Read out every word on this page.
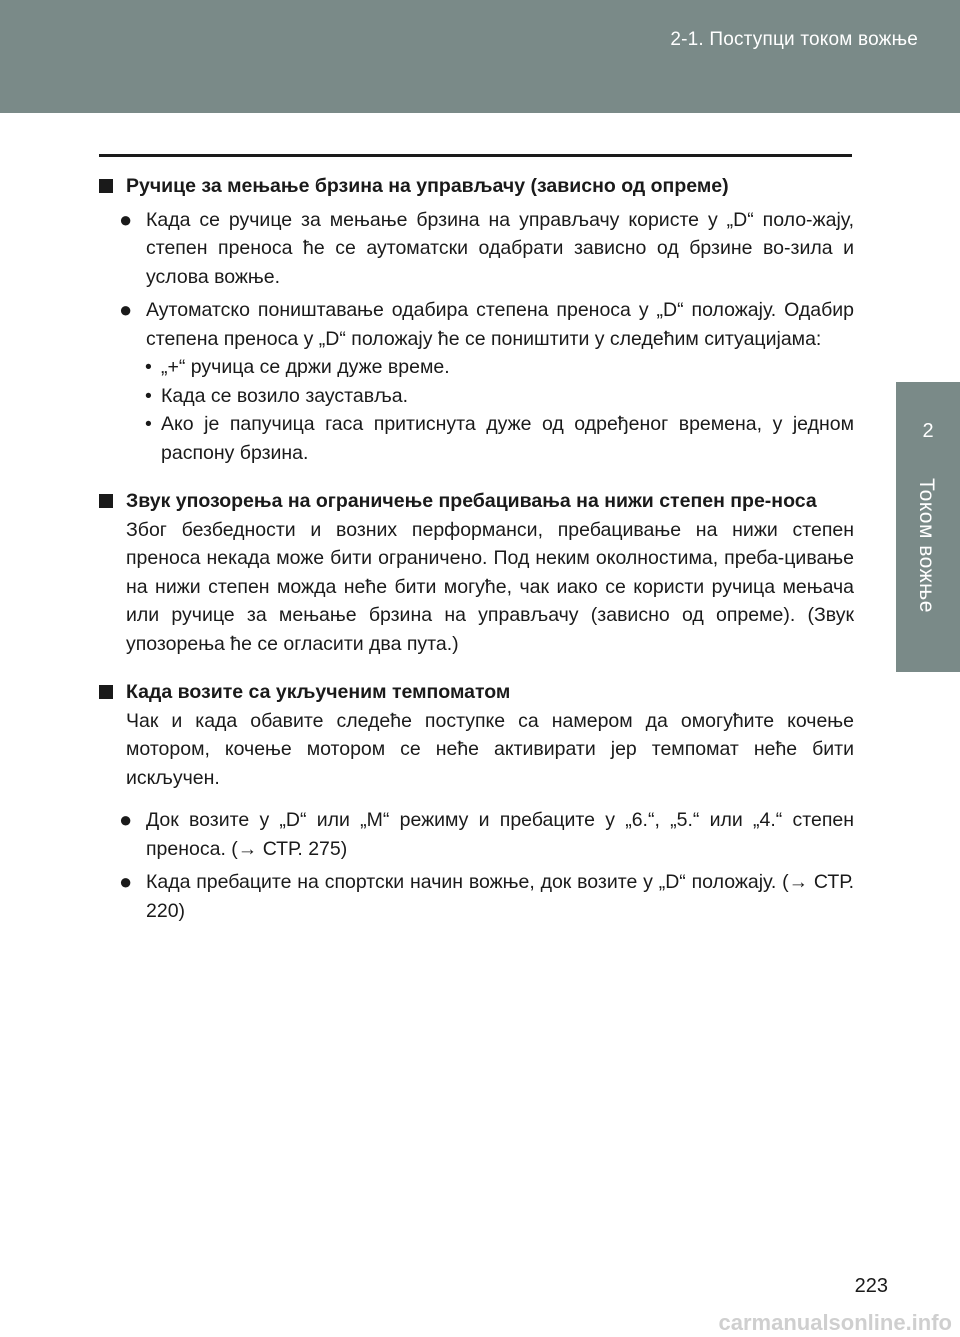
2-1. Поступци током вожње
2
Током вожње
Ручице за мењање брзина на управљачу (зависно од опреме)
● Када се ручице за мењање брзина на управљачу користе у „D“ поло-жају, степен преноса ће се аутоматски одабрати зависно од брзине во-зила и услова вожње.
● Аутоматско поништавање одабира степена преноса у „D“ положају. Одабир степена преноса у „D“ положају ће се поништити у следећим ситуацијама:
• „+“ ручица се држи дуже време.
• Када се возило зауставља.
• Ако је папучица гаса притиснута дуже од одређеног времена, у једном распону брзина.
Звук упозорења на ограничење пребацивања на нижи степен пре-носа
Због безбедности и возних перформанси, пребацивање на нижи степен преноса некада може бити ограничено. Под неким околностима, преба-цивање на нижи степен можда неће бити могуће, чак иако се користи ручица мењача или ручице за мењање брзина на управљачу (зависно од опреме). (Звук упозорења ће се огласити два пута.)
Када возите са укљученим темпоматом
Чак и када обавите следеће поступке са намером да омогућите кочење мотором, кочење мотором се неће активирати јер темпомат неће бити искључен.
● Док возите у „D“ или „M“ режиму и пребаците у „6.“, „5.“ или „4.“ степен преноса. (→ СТР. 275)
● Када пребаците на спортски начин вожње, док возите у „D“ положају. (→ СТР. 220)
223
carmanualsonline.info
